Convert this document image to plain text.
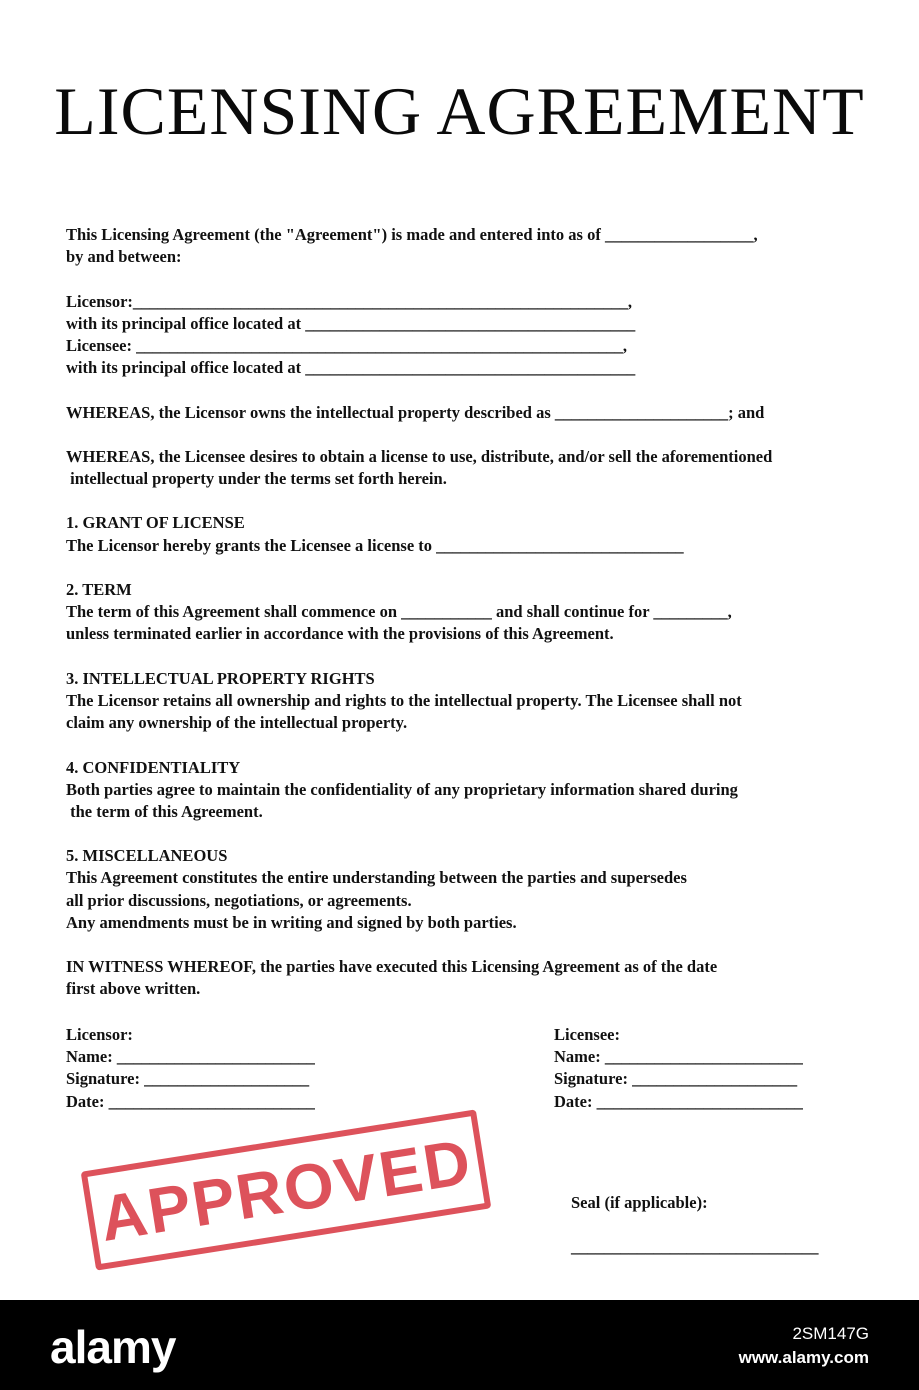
LICENSING AGREEMENT
This Licensing Agreement (the "Agreement") is made and entered into as of __________________,
by and between:
Licensor:____________________________________________________________,
with its principal office located at ________________________________________
Licensee: ___________________________________________________________,
with its principal office located at ________________________________________
WHEREAS, the Licensor owns the intellectual property described as _____________________; and
WHEREAS, the Licensee desires to obtain a license to use, distribute, and/or sell the aforementioned
intellectual property under the terms set forth herein.
1. GRANT OF LICENSE
The Licensor hereby grants the Licensee a license to ______________________________
2. TERM
The term of this Agreement shall commence on ___________ and shall continue for _________,
unless terminated earlier in accordance with the provisions of this Agreement.
3. INTELLECTUAL PROPERTY RIGHTS
The Licensor retains all ownership and rights to the intellectual property. The Licensee shall not
claim any ownership of the intellectual property.
4. CONFIDENTIALITY
Both parties agree to maintain the confidentiality of any proprietary information shared during
the term of this Agreement.
5. MISCELLANEOUS
This Agreement constitutes the entire understanding between the parties and supersedes
all prior discussions, negotiations, or agreements.
Any amendments must be in writing and signed by both parties.
IN WITNESS WHEREOF, the parties have executed this Licensing Agreement as of the date
first above written.
Licensor:
Name: ________________________
Signature: ____________________
Date: _________________________
Licensee:
Name: ________________________
Signature: ____________________
Date: _________________________
APPROVED	Seal (if applicable):
______________________________
alamy	2SM147G
www.alamy.com
